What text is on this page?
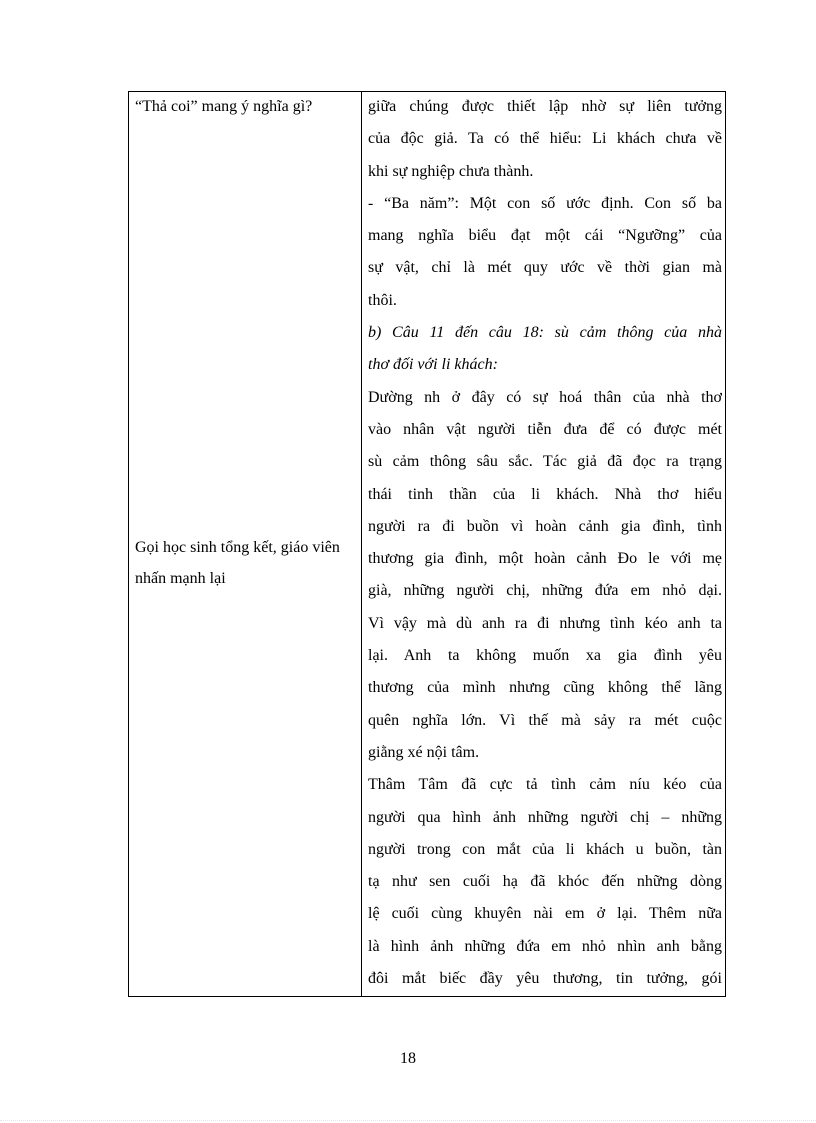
“Thả coi” mang ý nghĩa gì?
Gọi học sinh tổng kết, giáo viên nhấn mạnh lại
giữa chúng được thiết lập nhờ sự liên tưởng
của độc giả. Ta có thể hiểu: Li khách chưa về
khi sự nghiệp chưa thành.
- “Ba năm”: Một con số ước định. Con số ba
mang nghĩa biểu đạt một cái “Ngưỡng” của
sự vật, chỉ là mét quy ước về thời gian mà
thôi.
b) Câu 11 đến câu 18: sù cảm thông của nhà
thơ đối với li khách:
Dường nh ở đây có sự hoá thân của nhà thơ
vào nhân vật người tiễn đưa để có được mét
sù cảm thông sâu sắc. Tác giả đã đọc ra trạng
thái tinh thần của li khách. Nhà thơ hiểu
người ra đi buồn vì hoàn cảnh gia đình, tình
thương gia đình, một hoàn cảnh Đo le với mẹ
già, những người chị, những đứa em nhỏ dại.
Vì vậy mà dù anh ra đi nhưng tình kéo anh ta
lại. Anh ta không muốn xa gia đình yêu
thương của mình nhưng cũng không thể lãng
quên nghĩa lớn. Vì thế mà sảy ra mét cuộc
giằng xé nội tâm.
Thâm Tâm đã cực tả tình cảm níu kéo của
người qua hình ảnh những người chị – những
người trong con mắt của li khách u buồn, tàn
tạ như sen cuối hạ đã khóc đến những dòng
lệ cuối cùng khuyên nài em ở lại. Thêm nữa
là hình ảnh những đứa em nhỏ nhìn anh bằng
đôi mắt biếc đầy yêu thương, tin tưởng, gói
18
